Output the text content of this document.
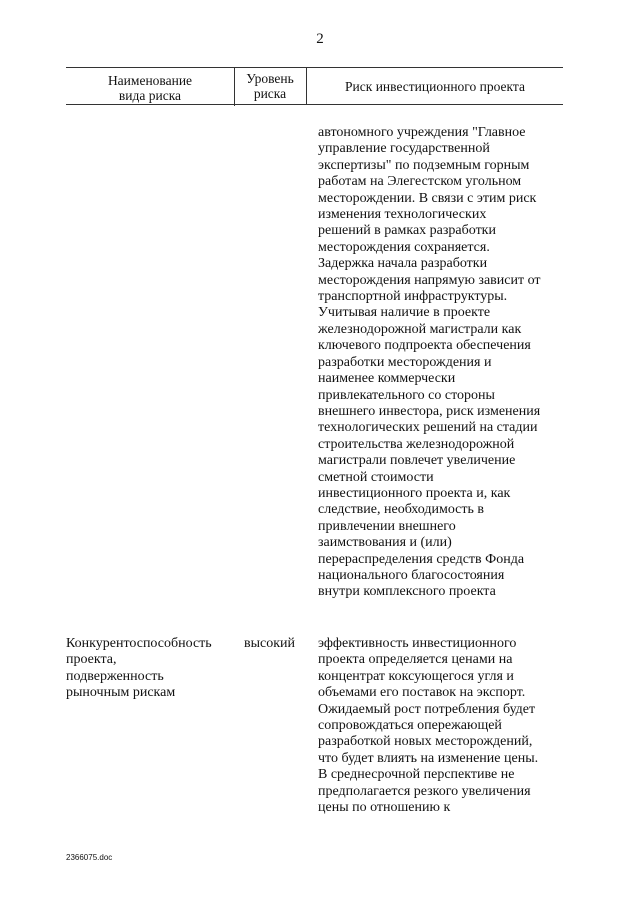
2
Наименование
вида риска
Уровень
риска	Риск инвестиционного проекта
автономного учреждения "Главное
управление государственной
экспертизы" по подземным горным
работам на Элегестском угольном
месторождении. В связи с этим риск
изменения технологических
решений в рамках разработки
месторождения сохраняется.
Задержка начала разработки
месторождения напрямую зависит от
транспортной инфраструктуры.
Учитывая наличие в проекте
железнодорожной магистрали как
ключевого подпроекта обеспечения
разработки месторождения и
наименее коммерчески
привлекательного со стороны
внешнего инвестора, риск изменения
технологических решений на стадии
строительства железнодорожной
магистрали повлечет увеличение
сметной стоимости
инвестиционного проекта и, как
следствие, необходимость в
привлечении внешнего
заимствования и (или)
перераспределения средств Фонда
национального благосостояния
внутри комплексного проекта
Конкурентоспособность
проекта,
подверженность
рыночным рискам
высокий	эффективность инвестиционного
проекта определяется ценами на
концентрат коксующегося угля и
объемами его поставок на экспорт.
Ожидаемый рост потребления будет
сопровождаться опережающей
разработкой новых месторождений,
что будет влиять на изменение цены.
В среднесрочной перспективе не
предполагается резкого увеличения
цены по отношению к
2366075.doc
